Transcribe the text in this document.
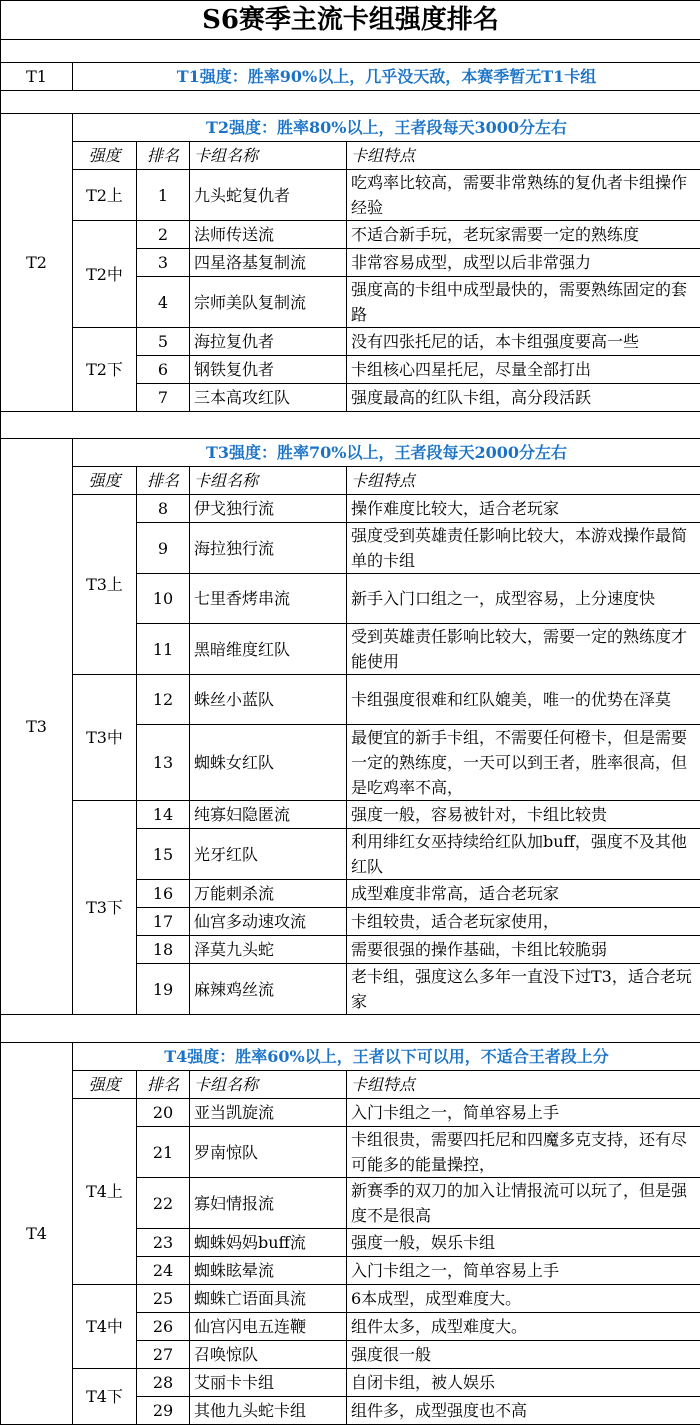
S6赛季主流卡组强度排名				

T1	T1强度：胜率90%以上，几乎没天敌，本赛季暂无T1卡组			

T2	T2强度：胜率80%以上，王者段每天3000分左右			
	强度	排名	卡组名称	卡组特点
	T2上	1	九头蛇复仇者	吃鸡率比较高，需要非常熟练的复仇者卡组操作经验
	T2中	2	法师传送流	不适合新手玩，老玩家需要一定的熟练度
		3	四星洛基复制流	非常容易成型，成型以后非常强力
		4	宗师美队复制流	强度高的卡组中成型最快的，需要熟练固定的套路
	T2下	5	海拉复仇者	没有四张托尼的话，本卡组强度要高一些
		6	钢铁复仇者	卡组核心四星托尼，尽量全部打出
		7	三本高攻红队	强度最高的红队卡组，高分段活跃

T3	T3强度：胜率70%以上，王者段每天2000分左右			
	强度	排名	卡组名称	卡组特点
	T3上	8	伊戈独行流	操作难度比较大，适合老玩家
		9	海拉独行流	强度受到英雄责任影响比较大，本游戏操作最简单的卡组
		10	七里香烤串流	新手入门口组之一，成型容易，上分速度快
		11	黑暗维度红队	受到英雄责任影响比较大，需要一定的熟练度才能使用
	T3中	12	蛛丝小蓝队	卡组强度很难和红队媲美，唯一的优势在泽莫
		13	蜘蛛女红队	最便宜的新手卡组，不需要任何橙卡，但是需要一定的熟练度，一天可以到王者，胜率很高，但是吃鸡率不高，
	T3下	14	纯寡妇隐匿流	强度一般，容易被针对，卡组比较贵
		15	光牙红队	利用绯红女巫持续给红队加buff，强度不及其他红队
		16	万能刺杀流	成型难度非常高，适合老玩家
		17	仙宫多动速攻流	卡组较贵，适合老玩家使用，
		18	泽莫九头蛇	需要很强的操作基础，卡组比较脆弱
		19	麻辣鸡丝流	老卡组，强度这么多年一直没下过T3，适合老玩家

T4	T4强度：胜率60%以上，王者以下可以用，不适合王者段上分			
	强度	排名	卡组名称	卡组特点
	T4上	20	亚当凯旋流	入门卡组之一，简单容易上手
		21	罗南惊队	卡组很贵，需要四托尼和四魔多克支持，还有尽可能多的能量操控，
		22	寡妇情报流	新赛季的双刀的加入让情报流可以玩了，但是强度不是很高
		23	蜘蛛妈妈buff流	强度一般，娱乐卡组
		24	蜘蛛眩晕流	入门卡组之一，简单容易上手
	T4中	25	蜘蛛亡语面具流	6本成型，成型难度大。
		26	仙宫闪电五连鞭	组件太多，成型难度大。
		27	召唤惊队	强度很一般
	T4下	28	艾丽卡卡组	自闭卡组，被人娱乐
		29	其他九头蛇卡组	组件多，成型强度也不高
